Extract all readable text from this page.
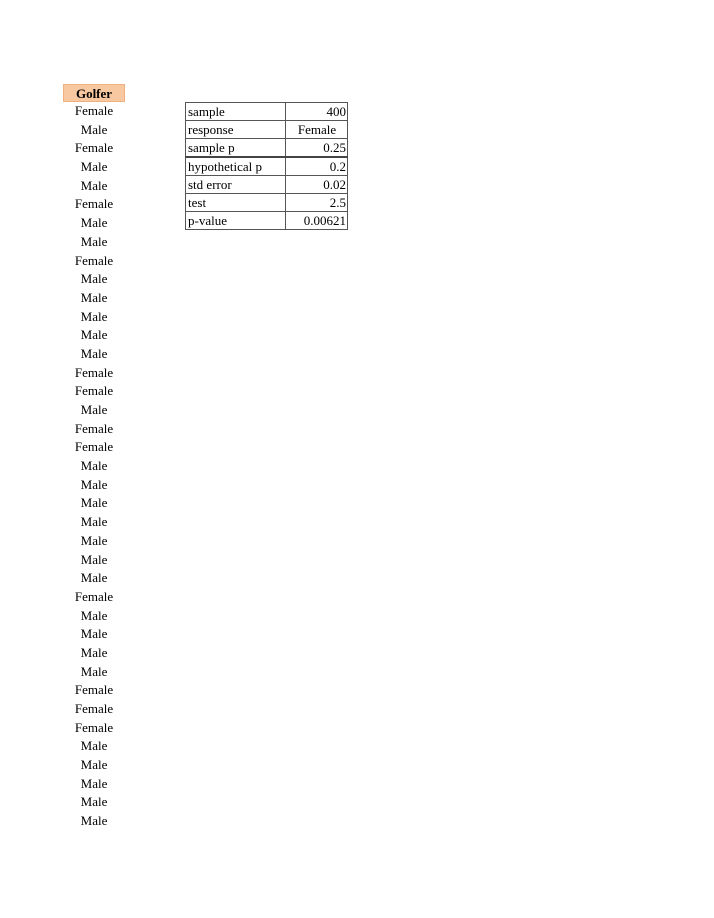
Golfer
Female
Male
Female
Male
Male
Female
Male
Male
Female
Male
Male
Male
Male
Male
Female
Female
Male
Female
Female
Male
Male
Male
Male
Male
Male
Male
Female
Male
Male
Male
Male
Female
Female
Female
Male
Male
Male
Male
Male
sample	400
response	Female
sample p	0.25
hypothetical p	0.2
std error	0.02
test	2.5
p-value	0.00621
